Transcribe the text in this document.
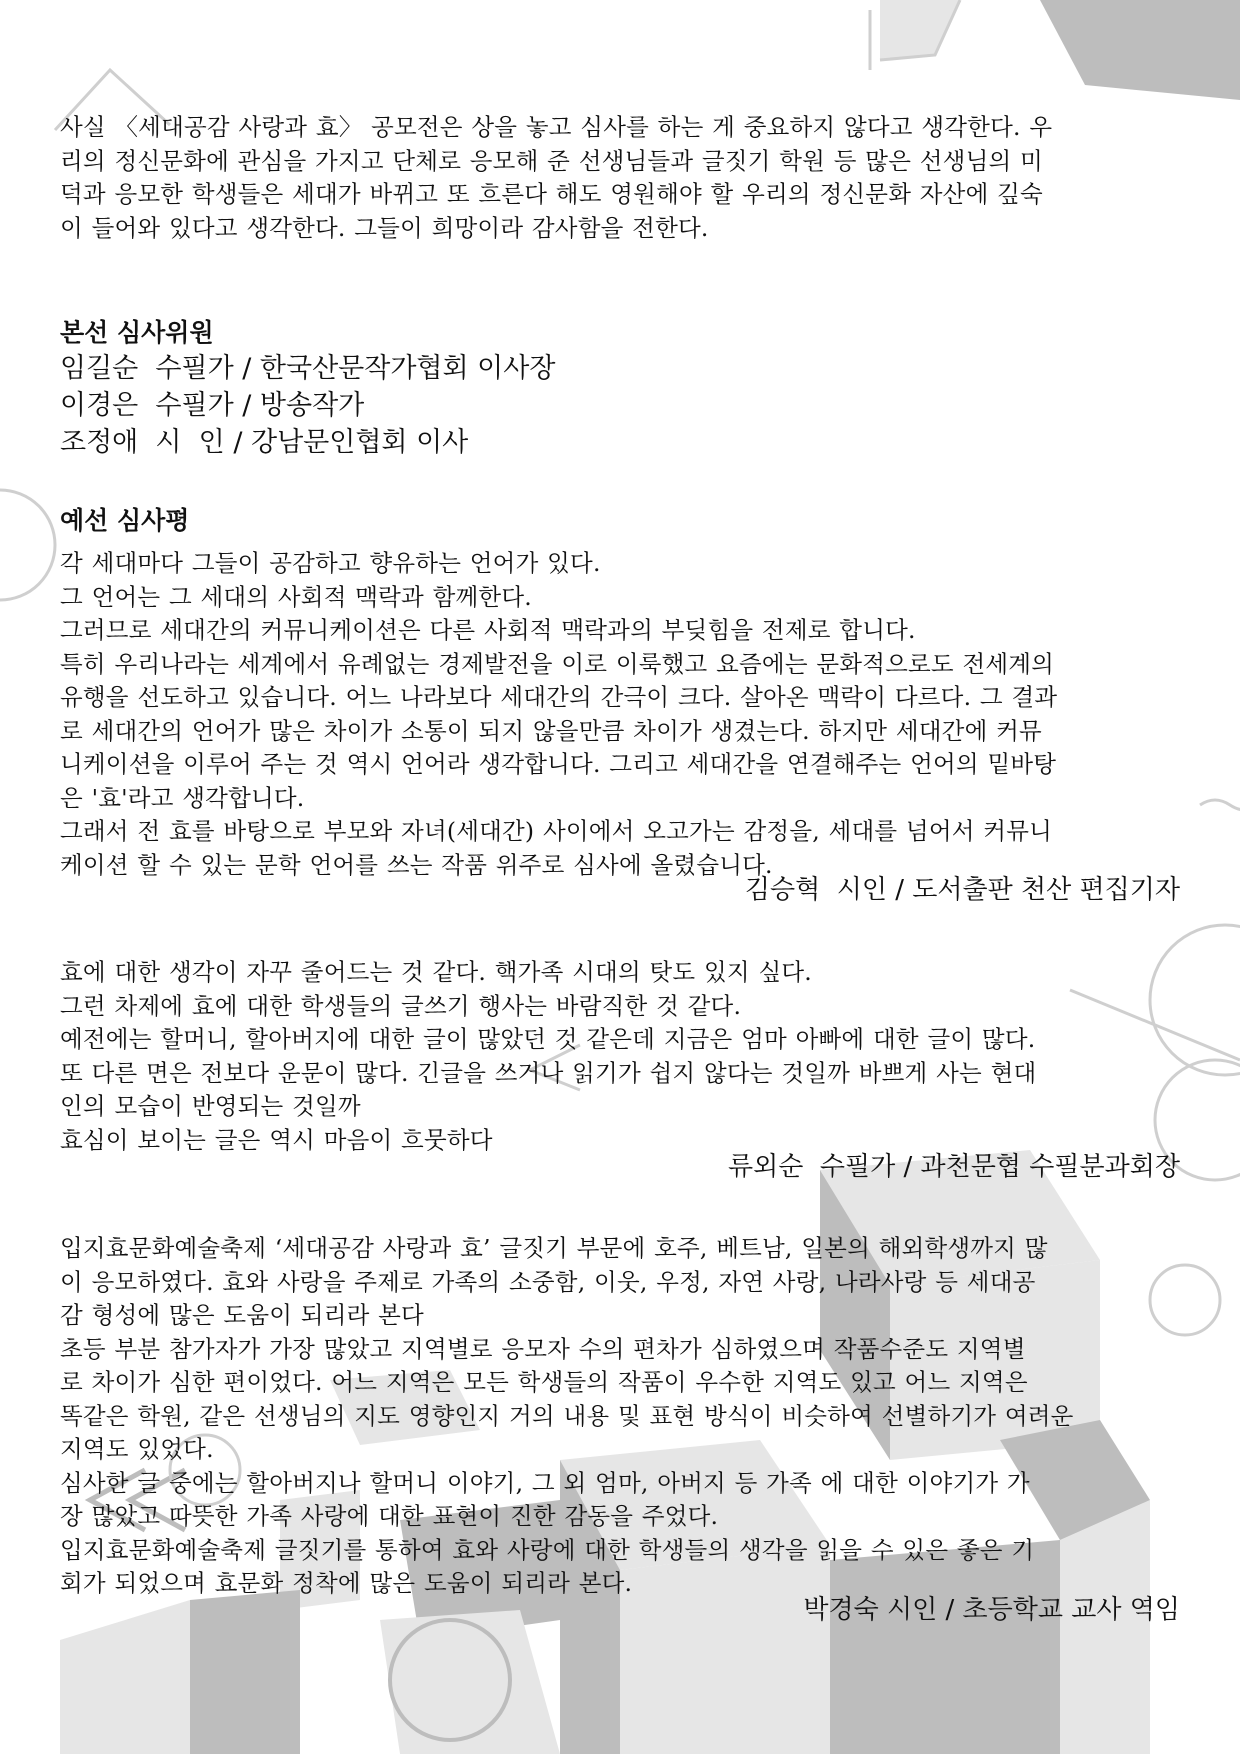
사실 〈세대공감 사랑과 효〉 공모전은 상을 놓고 심사를 하는 게 중요하지 않다고 생각한다. 우
리의 정신문화에 관심을 가지고 단체로 응모해 준 선생님들과 글짓기 학원 등 많은 선생님의 미
덕과 응모한 학생들은 세대가 바뀌고 또 흐른다 해도 영원해야 할 우리의 정신문화 자산에 깊숙
이 들어와 있다고 생각한다. 그들이 희망이라 감사함을 전한다.
본선 심사위원
임길순  수필가 / 한국산문작가협회 이사장
이경은  수필가 / 방송작가
조정애  시  인 / 강남문인협회 이사
예선 심사평
각 세대마다 그들이 공감하고 향유하는 언어가 있다.
그 언어는 그 세대의 사회적 맥락과 함께한다.
그러므로 세대간의 커뮤니케이션은 다른 사회적 맥락과의 부딪힘을 전제로 합니다.
특히 우리나라는 세계에서 유례없는 경제발전을 이로 이룩했고 요즘에는 문화적으로도 전세계의
유행을 선도하고 있습니다. 어느 나라보다 세대간의 간극이 크다. 살아온 맥락이 다르다. 그 결과
로 세대간의 언어가 많은 차이가 소통이 되지 않을만큼 차이가 생겼는다. 하지만 세대간에 커뮤
니케이션을 이루어 주는 것 역시 언어라 생각합니다. 그리고 세대간을 연결해주는 언어의 밑바탕
은 '효'라고 생각합니다.
그래서 전 효를 바탕으로 부모와 자녀(세대간) 사이에서 오고가는 감정을, 세대를 넘어서 커뮤니
케이션 할 수 있는 문학 언어를 쓰는 작품 위주로 심사에 올렸습니다.
김승혁  시인 / 도서출판 천산 편집기자
효에 대한 생각이 자꾸 줄어드는 것 같다. 핵가족 시대의 탓도 있지 싶다.
그런 차제에 효에 대한 학생들의 글쓰기 행사는 바람직한 것 같다.
예전에는 할머니, 할아버지에 대한 글이 많았던 것 같은데 지금은 엄마 아빠에 대한 글이 많다.
또 다른 면은 전보다 운문이 많다. 긴글을 쓰거나 읽기가 쉽지 않다는 것일까 바쁘게 사는 현대
인의 모습이 반영되는 것일까
효심이 보이는 글은 역시 마음이 흐뭇하다
류외순  수필가 / 과천문협 수필분과회장
입지효문화예술축제 ‘세대공감 사랑과 효’ 글짓기 부문에 호주, 베트남, 일본의 해외학생까지 많
이 응모하였다. 효와 사랑을 주제로 가족의 소중함, 이웃, 우정, 자연 사랑, 나라사랑 등 세대공
감 형성에 많은 도움이 되리라 본다
초등 부분 참가자가 가장 많았고 지역별로 응모자 수의 편차가 심하였으며 작품수준도 지역별
로 차이가 심한 편이었다. 어느 지역은 모든 학생들의 작품이 우수한 지역도 있고 어느 지역은
똑같은 학원, 같은 선생님의 지도 영향인지 거의 내용 및 표현 방식이 비슷하여 선별하기가 여려운
지역도 있었다.
심사한 글 중에는 할아버지나 할머니 이야기, 그 외 엄마, 아버지 등 가족 에 대한 이야기가 가
장 많았고 따뜻한 가족 사랑에 대한 표현이 진한 감동을 주었다.
입지효문화예술축제 글짓기를 통하여 효와 사랑에 대한 학생들의 생각을 읽을 수 있은 좋은 기
회가 되었으며 효문화 정착에 많은 도움이 되리라 본다.
박경숙 시인 / 초등학교 교사 역임
